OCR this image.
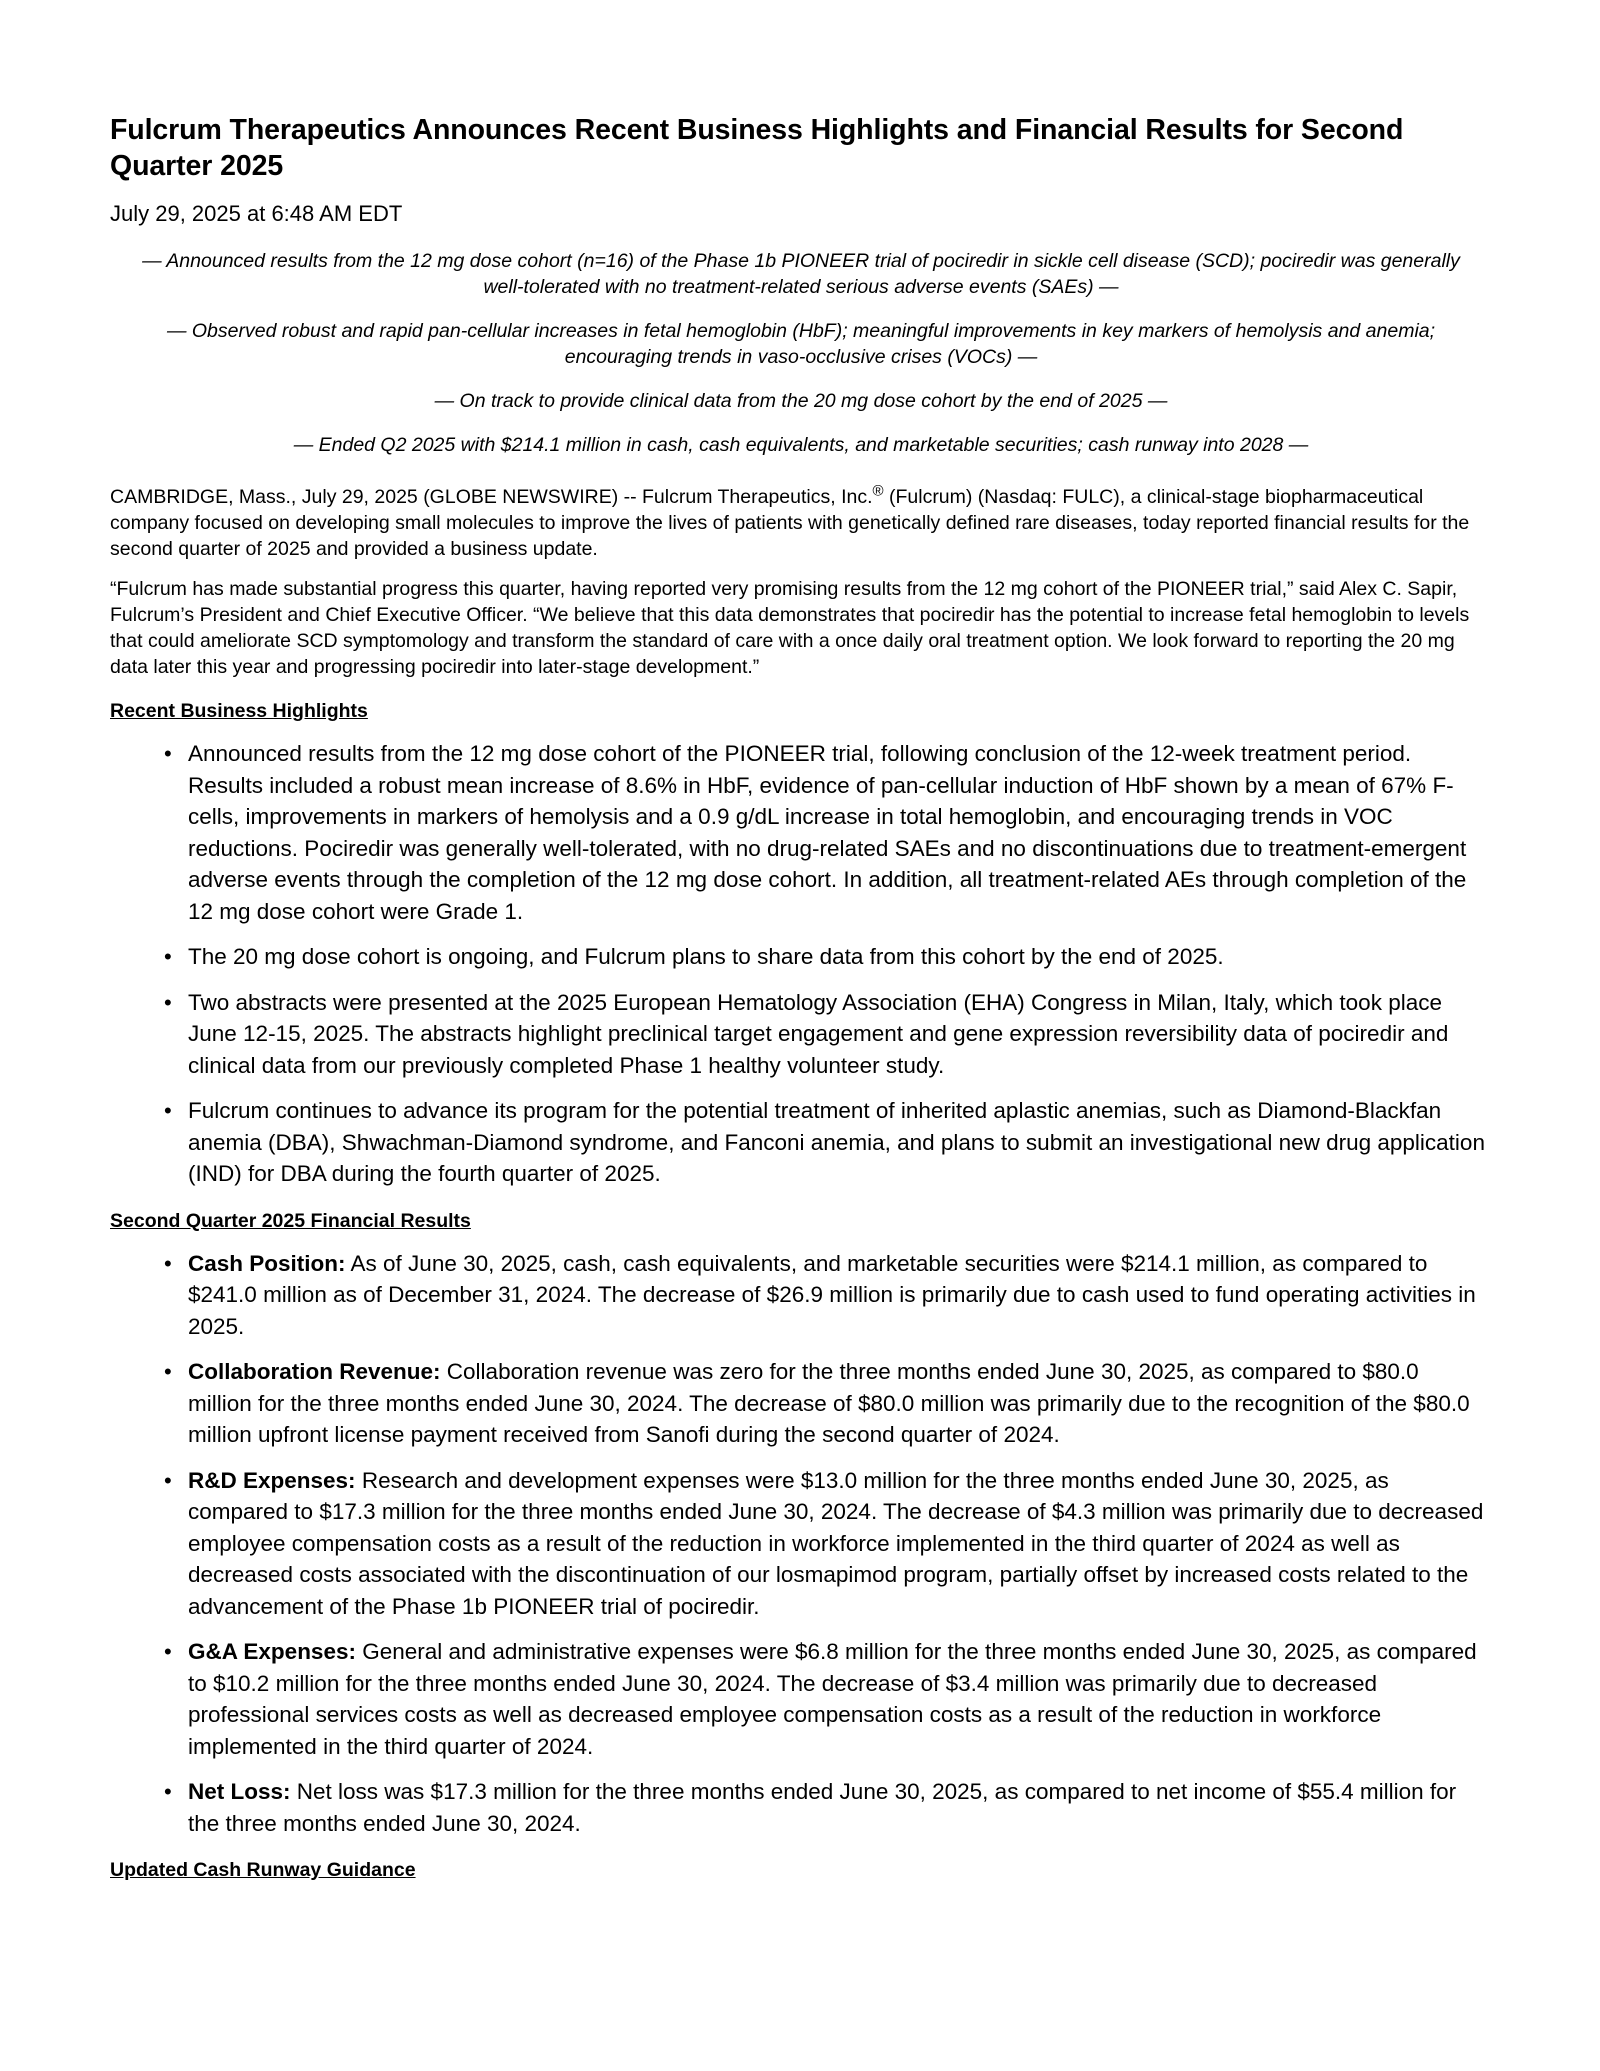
Fulcrum Therapeutics Announces Recent Business Highlights and Financial Results for Second Quarter 2025
July 29, 2025 at 6:48 AM EDT

— Announced results from the 12 mg dose cohort (n=16) of the Phase 1b PIONEER trial of pociredir in sickle cell disease (SCD); pociredir was generally well-tolerated with no treatment-related serious adverse events (SAEs) —

— Observed robust and rapid pan-cellular increases in fetal hemoglobin (HbF); meaningful improvements in key markers of hemolysis and anemia; encouraging trends in vaso-occlusive crises (VOCs) —

— On track to provide clinical data from the 20 mg dose cohort by the end of 2025 —

— Ended Q2 2025 with $214.1 million in cash, cash equivalents, and marketable securities; cash runway into 2028 —

CAMBRIDGE, Mass., July 29, 2025 (GLOBE NEWSWIRE) -- Fulcrum Therapeutics, Inc.® (Fulcrum) (Nasdaq: FULC), a clinical-stage biopharmaceutical company focused on developing small molecules to improve the lives of patients with genetically defined rare diseases, today reported financial results for the second quarter of 2025 and provided a business update.

“Fulcrum has made substantial progress this quarter, having reported very promising results from the 12 mg cohort of the PIONEER trial,” said Alex C. Sapir, Fulcrum’s President and Chief Executive Officer. “We believe that this data demonstrates that pociredir has the potential to increase fetal hemoglobin to levels that could ameliorate SCD symptomology and transform the standard of care with a once daily oral treatment option. We look forward to reporting the 20 mg data later this year and progressing pociredir into later-stage development.”

Recent Business Highlights
• Announced results from the 12 mg dose cohort of the PIONEER trial, following conclusion of the 12-week treatment period. Results included a robust mean increase of 8.6% in HbF, evidence of pan-cellular induction of HbF shown by a mean of 67% F-cells, improvements in markers of hemolysis and a 0.9 g/dL increase in total hemoglobin, and encouraging trends in VOC reductions. Pociredir was generally well-tolerated, with no drug-related SAEs and no discontinuations due to treatment-emergent adverse events through the completion of the 12 mg dose cohort. In addition, all treatment-related AEs through completion of the 12 mg dose cohort were Grade 1.
• The 20 mg dose cohort is ongoing, and Fulcrum plans to share data from this cohort by the end of 2025.
• Two abstracts were presented at the 2025 European Hematology Association (EHA) Congress in Milan, Italy, which took place June 12-15, 2025. The abstracts highlight preclinical target engagement and gene expression reversibility data of pociredir and clinical data from our previously completed Phase 1 healthy volunteer study.
• Fulcrum continues to advance its program for the potential treatment of inherited aplastic anemias, such as Diamond-Blackfan anemia (DBA), Shwachman-Diamond syndrome, and Fanconi anemia, and plans to submit an investigational new drug application (IND) for DBA during the fourth quarter of 2025.
Second Quarter 2025 Financial Results
• Cash Position: As of June 30, 2025, cash, cash equivalents, and marketable securities were $214.1 million, as compared to $241.0 million as of December 31, 2024. The decrease of $26.9 million is primarily due to cash used to fund operating activities in 2025.
• Collaboration Revenue: Collaboration revenue was zero for the three months ended June 30, 2025, as compared to $80.0 million for the three months ended June 30, 2024. The decrease of $80.0 million was primarily due to the recognition of the $80.0 million upfront license payment received from Sanofi during the second quarter of 2024.
• R&D Expenses: Research and development expenses were $13.0 million for the three months ended June 30, 2025, as compared to $17.3 million for the three months ended June 30, 2024. The decrease of $4.3 million was primarily due to decreased employee compensation costs as a result of the reduction in workforce implemented in the third quarter of 2024 as well as decreased costs associated with the discontinuation of our losmapimod program, partially offset by increased costs related to the advancement of the Phase 1b PIONEER trial of pociredir.
• G&A Expenses: General and administrative expenses were $6.8 million for the three months ended June 30, 2025, as compared to $10.2 million for the three months ended June 30, 2024. The decrease of $3.4 million was primarily due to decreased professional services costs as well as decreased employee compensation costs as a result of the reduction in workforce implemented in the third quarter of 2024.
• Net Loss: Net loss was $17.3 million for the three months ended June 30, 2025, as compared to net income of $55.4 million for the three months ended June 30, 2024.
Updated Cash Runway Guidance
